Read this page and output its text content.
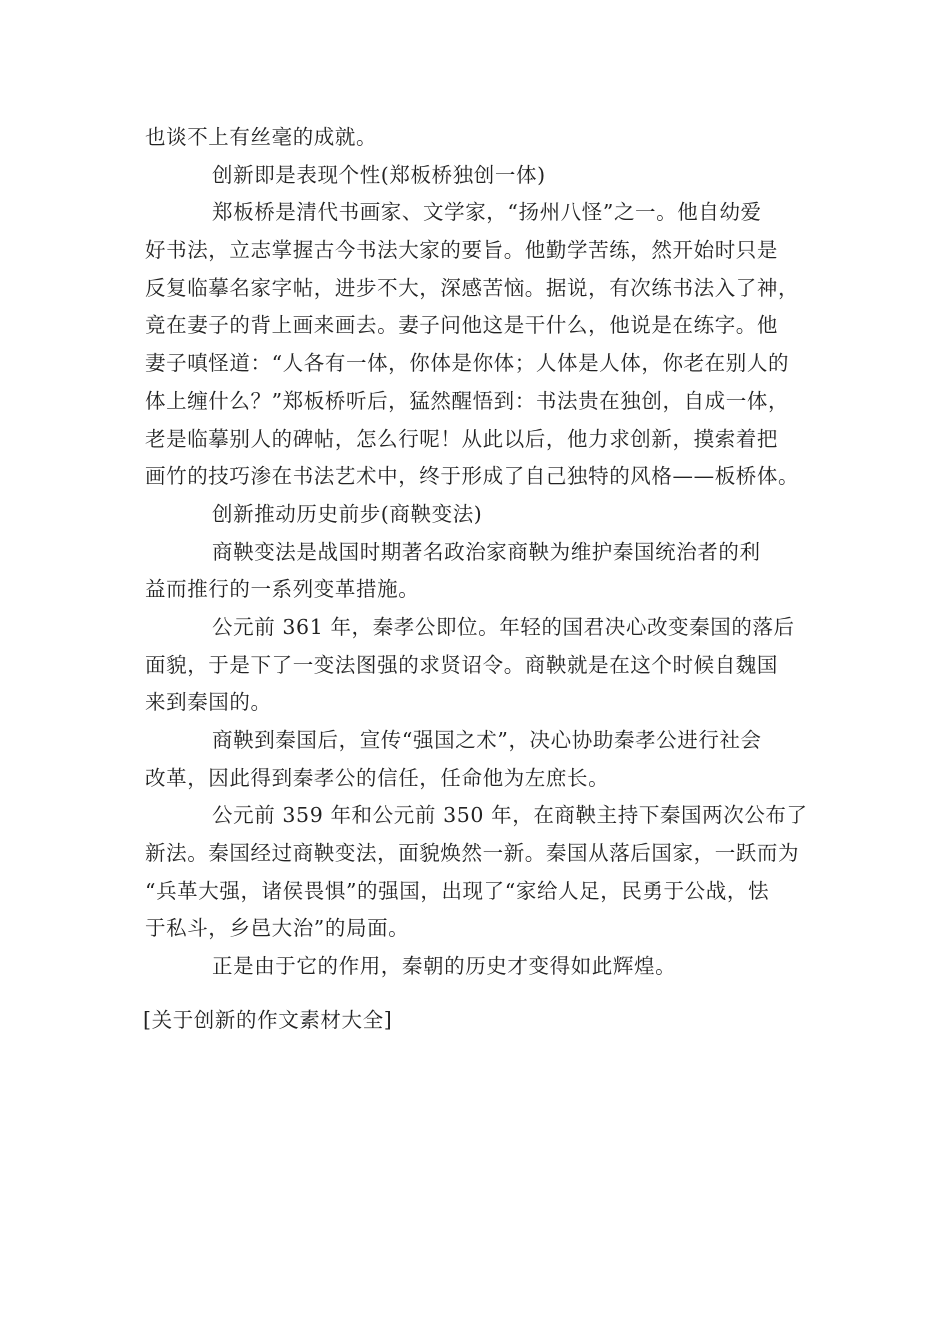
也谈不上有丝毫的成就。
创新即是表现个性(郑板桥独创一体)
郑板桥是清代书画家、文学家，“扬州八怪”之一。他自幼爱
好书法，立志掌握古今书法大家的要旨。他勤学苦练，然开始时只是
反复临摹名家字帖，进步不大，深感苦恼。据说，有次练书法入了神，
竟在妻子的背上画来画去。妻子问他这是干什么，他说是在练字。他
妻子嗔怪道：“人各有一体，你体是你体；人体是人体，你老在别人的
体上缠什么？”郑板桥听后，猛然醒悟到：书法贵在独创，自成一体，
老是临摹别人的碑帖，怎么行呢！从此以后，他力求创新，摸索着把
画竹的技巧渗在书法艺术中，终于形成了自己独特的风格——板桥体。
创新推动历史前步(商鞅变法)
商鞅变法是战国时期著名政治家商鞅为维护秦国统治者的利
益而推行的一系列变革措施。
公元前 361 年，秦孝公即位。年轻的国君决心改变秦国的落后
面貌，于是下了一变法图强的求贤诏令。商鞅就是在这个时候自魏国
来到秦国的。
商鞅到秦国后，宣传“强国之术”，决心协助秦孝公进行社会
改革，因此得到秦孝公的信任，任命他为左庶长。
公元前 359 年和公元前 350 年，在商鞅主持下秦国两次公布了
新法。秦国经过商鞅变法，面貌焕然一新。秦国从落后国家，一跃而为
“兵革大强，诸侯畏惧”的强国，出现了“家给人足，民勇于公战，怯
于私斗，乡邑大治”的局面。
正是由于它的作用，秦朝的历史才变得如此辉煌。
[关于创新的作文素材大全]
